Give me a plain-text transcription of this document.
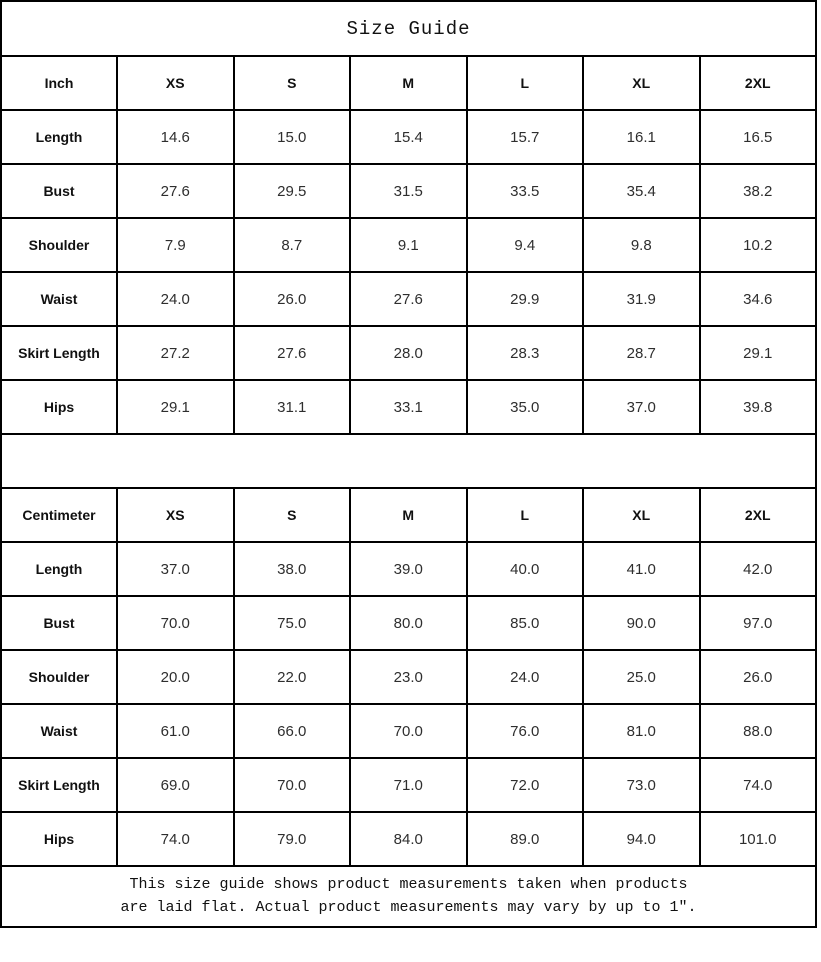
Size Guide						
Inch	XS	S	M	L	XL	2XL
Length	14.6	15.0	15.4	15.7	16.1	16.5
Bust	27.6	29.5	31.5	33.5	35.4	38.2
Shoulder	7.9	8.7	9.1	9.4	9.8	10.2
Waist	24.0	26.0	27.6	29.9	31.9	34.6
Skirt Length	27.2	27.6	28.0	28.3	28.7	29.1
Hips	29.1	31.1	33.1	35.0	37.0	39.8

Centimeter	XS	S	M	L	XL	2XL
Length	37.0	38.0	39.0	40.0	41.0	42.0
Bust	70.0	75.0	80.0	85.0	90.0	97.0
Shoulder	20.0	22.0	23.0	24.0	25.0	26.0
Waist	61.0	66.0	70.0	76.0	81.0	88.0
Skirt Length	69.0	70.0	71.0	72.0	73.0	74.0
Hips	74.0	79.0	84.0	89.0	94.0	101.0

This size guide shows product measurements taken when products
are laid flat. Actual product measurements may vary by up to 1″.						
